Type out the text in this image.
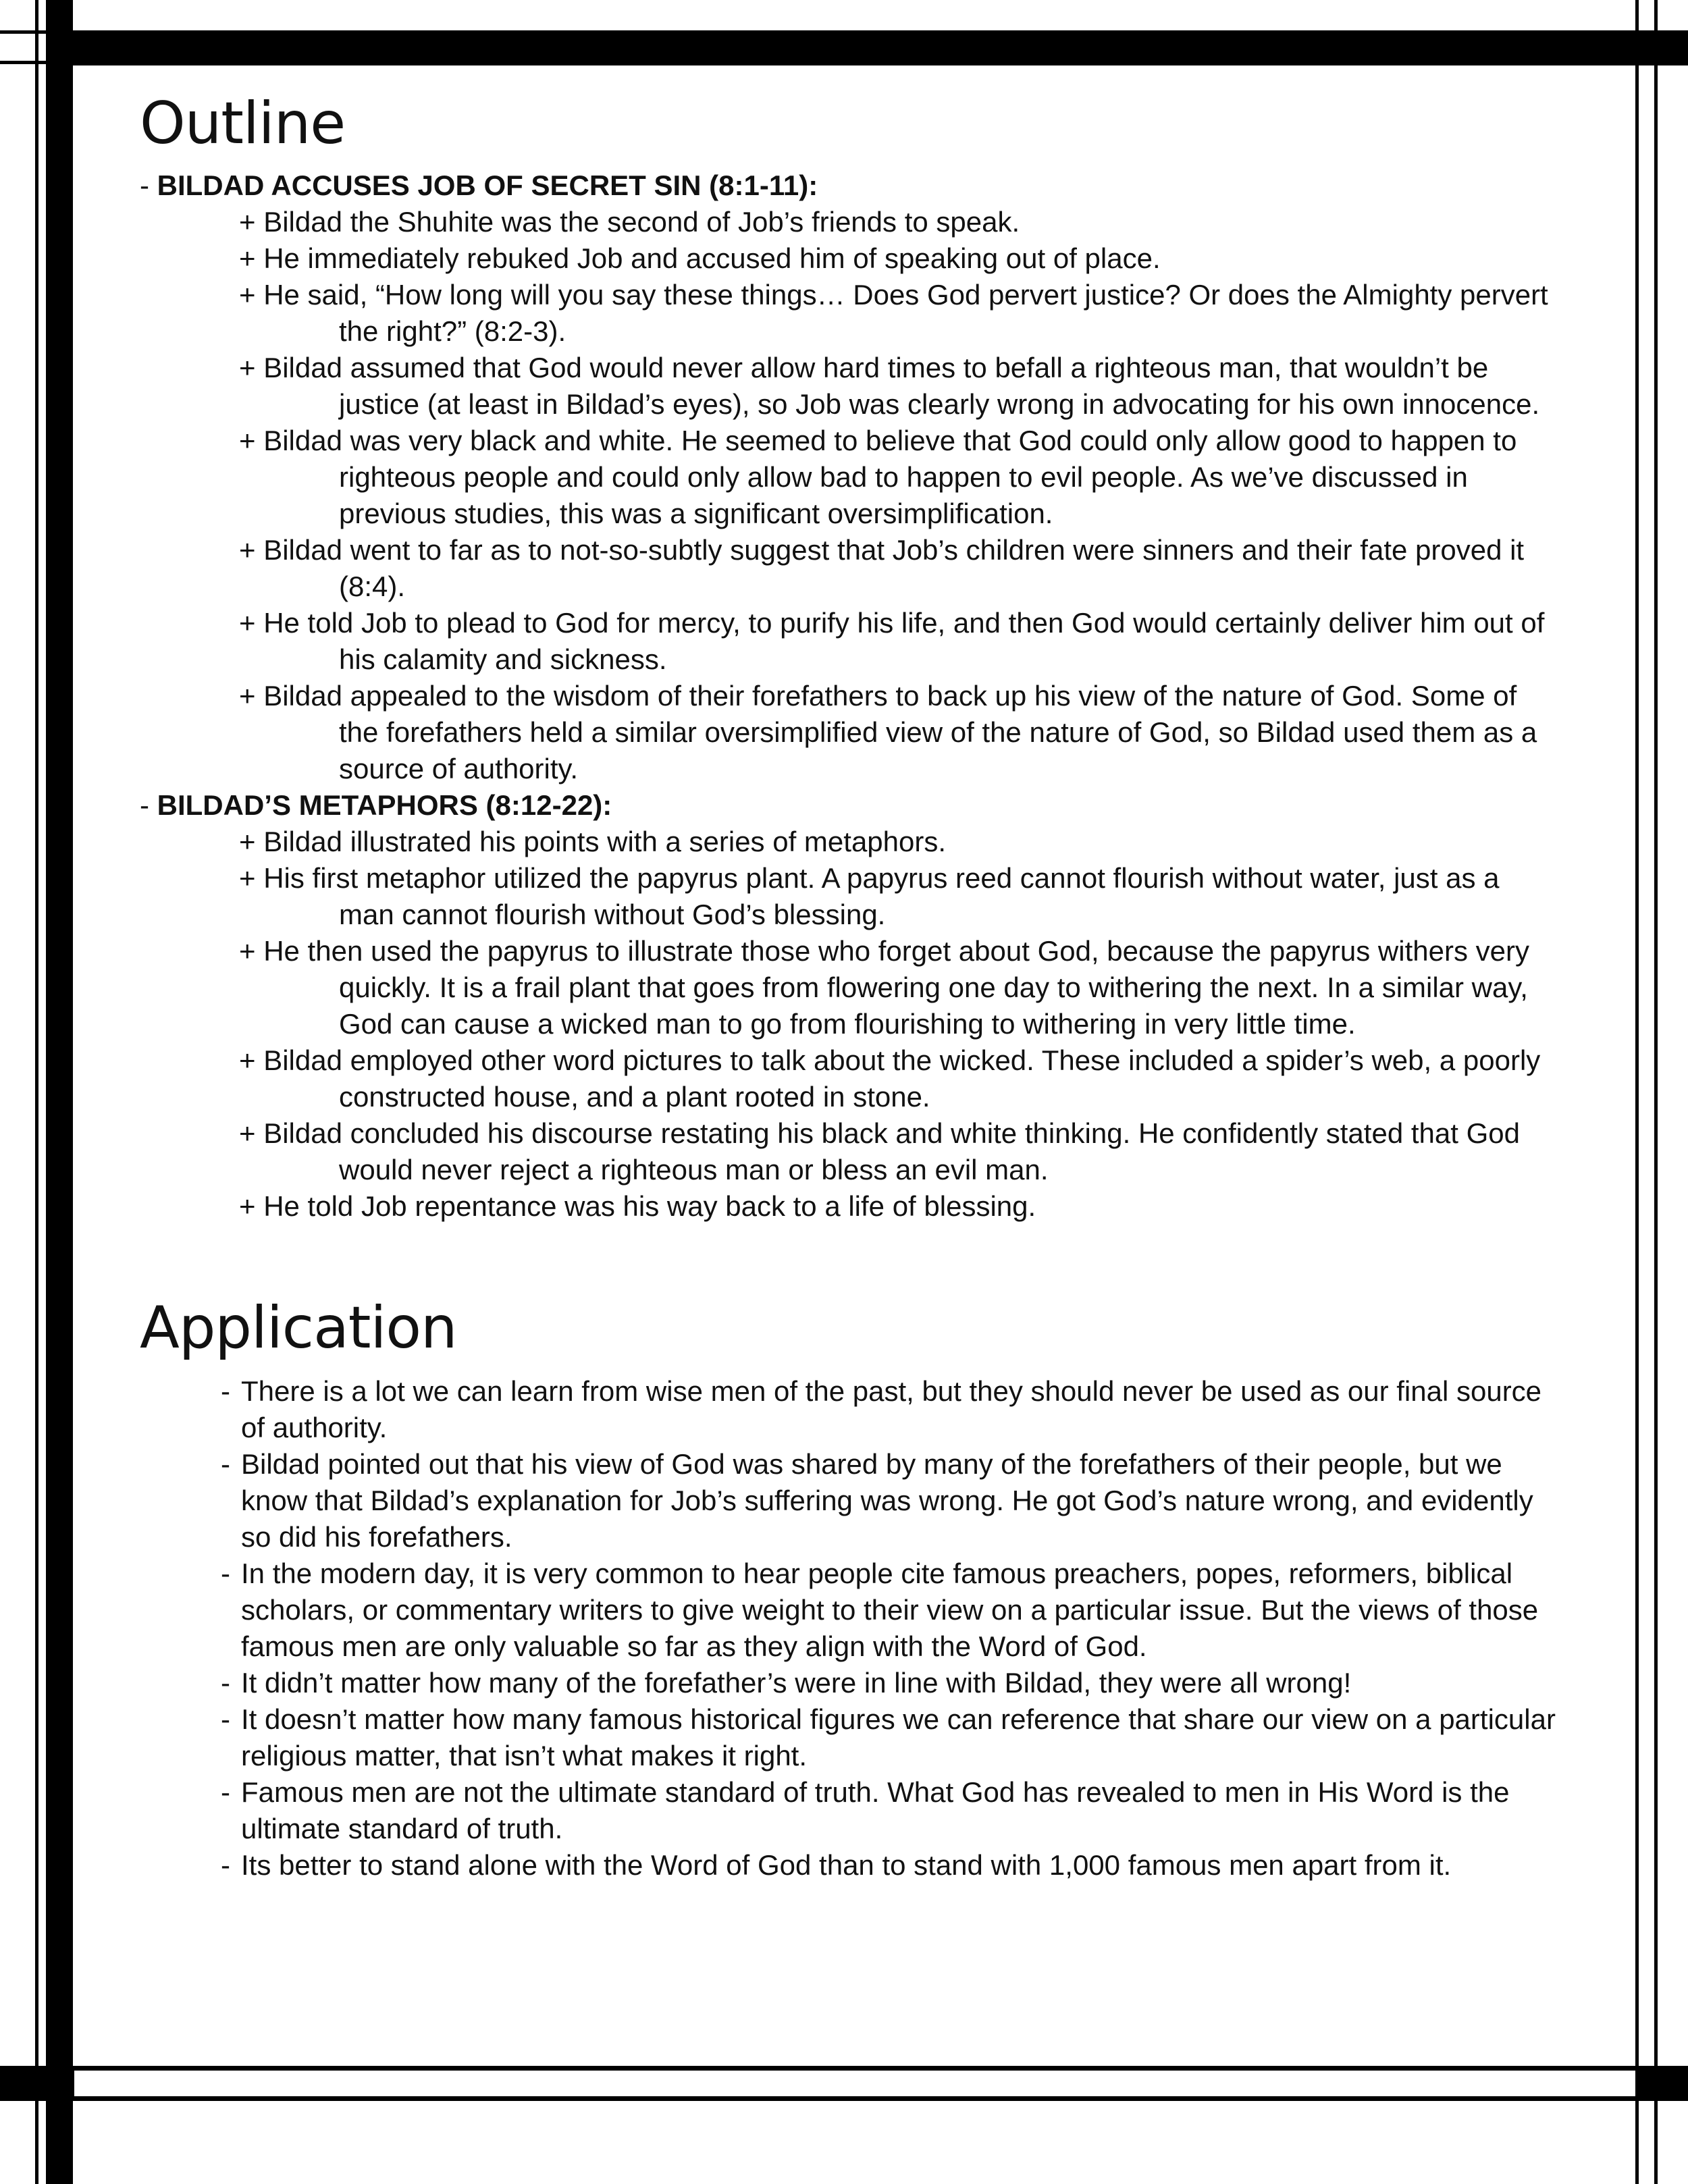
Outline

- BILDAD ACCUSES JOB OF SECRET SIN (8:1-11):

+ Bildad the Shuhite was the second of Job’s friends to speak.

+ He immediately rebuked Job and accused him of speaking out of place.

+ He said, “How long will you say these things… Does God pervert justice? Or does the Almighty pervert the right?” (8:2-3).

+ Bildad assumed that God would never allow hard times to befall a righteous man, that wouldn’t be justice (at least in Bildad’s eyes), so Job was clearly wrong in advocating for his own innocence.

+ Bildad was very black and white. He seemed to believe that God could only allow good to happen to righteous people and could only allow bad to happen to evil people. As we’ve discussed in previous studies, this was a significant oversimplification.

+ Bildad went to far as to not-so-subtly suggest that Job’s children were sinners and their fate proved it (8:4).

+ He told Job to plead to God for mercy, to purify his life, and then God would certainly deliver him out of his calamity and sickness.

+ Bildad appealed to the wisdom of their forefathers to back up his view of the nature of God. Some of the forefathers held a similar oversimplified view of the nature of God, so Bildad used them as a source of authority.

- BILDAD’S METAPHORS (8:12-22):

+ Bildad illustrated his points with a series of metaphors.

+ His first metaphor utilized the papyrus plant. A papyrus reed cannot flourish without water, just as a man cannot flourish without God’s blessing.

+ He then used the papyrus to illustrate those who forget about God, because the papyrus withers very quickly. It is a frail plant that goes from flowering one day to withering the next. In a similar way, God can cause a wicked man to go from flourishing to withering in very little time.

+ Bildad employed other word pictures to talk about the wicked. These included a spider’s web, a poorly constructed house, and a plant rooted in stone.

+ Bildad concluded his discourse restating his black and white thinking. He confidently stated that God would never reject a righteous man or bless an evil man.

+ He told Job repentance was his way back to a life of blessing.

Application

- There is a lot we can learn from wise men of the past, but they should never be used as our final source of authority.

- Bildad pointed out that his view of God was shared by many of the forefathers of their people, but we know that Bildad’s explanation for Job’s suffering was wrong. He got God’s nature wrong, and evidently so did his forefathers.

- In the modern day, it is very common to hear people cite famous preachers, popes, reformers, biblical scholars, or commentary writers to give weight to their view on a particular issue. But the views of those famous men are only valuable so far as they align with the Word of God.

- It didn’t matter how many of the forefather’s were in line with Bildad, they were all wrong!

- It doesn’t matter how many famous historical figures we can reference that share our view on a particular religious matter, that isn’t what makes it right.

- Famous men are not the ultimate standard of truth. What God has revealed to men in His Word is the ultimate standard of truth.

- Its better to stand alone with the Word of God than to stand with 1,000 famous men apart from it.
